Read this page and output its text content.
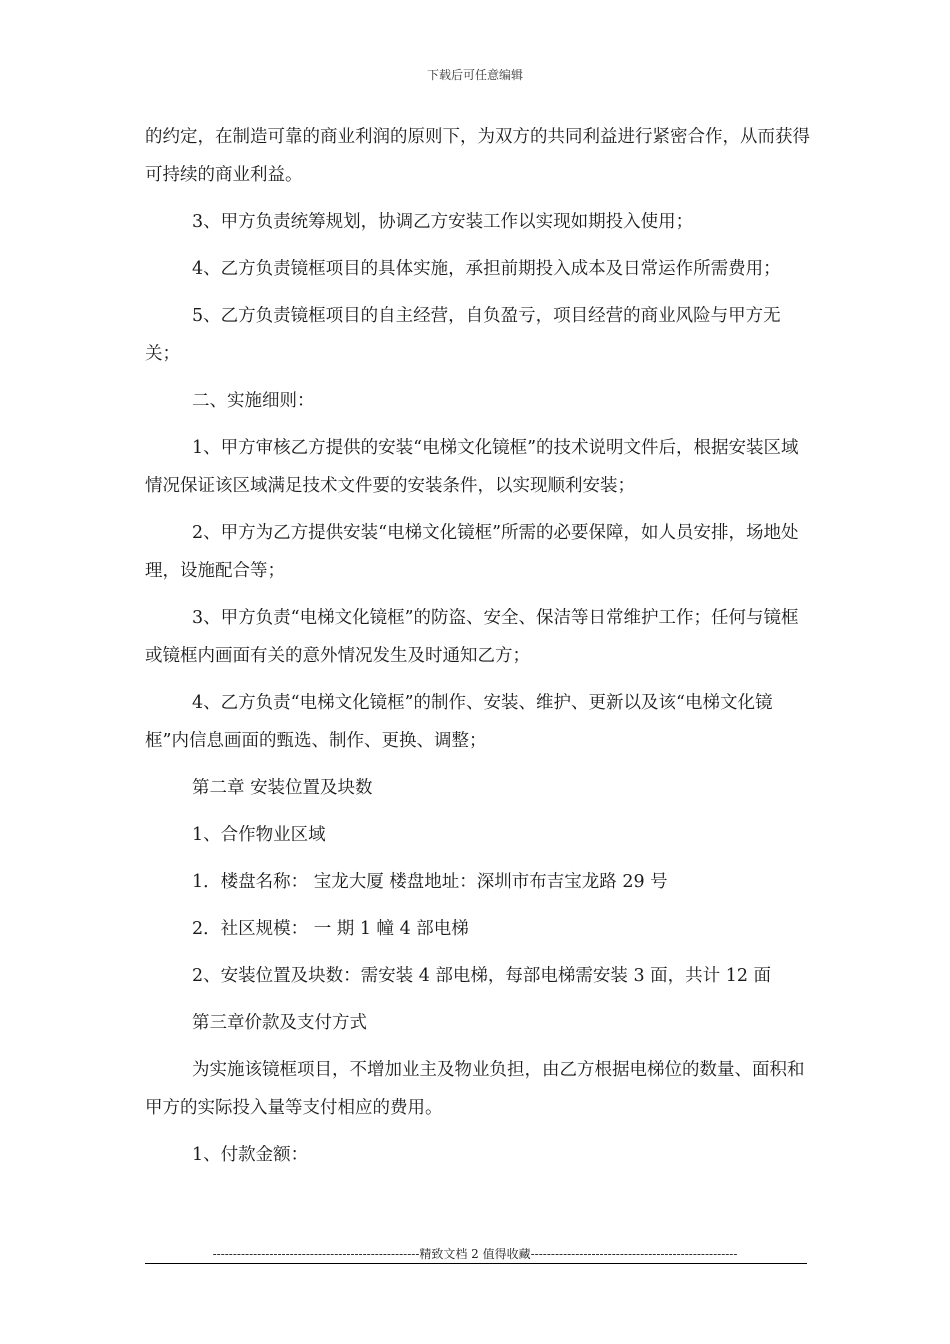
下载后可任意编辑

的约定，在制造可靠的商业利润的原则下，为双方的共同利益进行紧密合作，从而获得可持续的商业利益。

3、甲方负责统筹规划，协调乙方安装工作以实现如期投入使用；

4、乙方负责镜框项目的具体实施，承担前期投入成本及日常运作所需费用；

5、乙方负责镜框项目的自主经营，自负盈亏，项目经营的商业风险与甲方无关；

二、实施细则：

1、甲方审核乙方提供的安装“电梯文化镜框”的技术说明文件后，根据安装区域情况保证该区域满足技术文件要的安装条件，以实现顺利安装；

2、甲方为乙方提供安装“电梯文化镜框”所需的必要保障，如人员安排，场地处理，设施配合等；

3、甲方负责“电梯文化镜框”的防盗、安全、保洁等日常维护工作；任何与镜框或镜框内画面有关的意外情况发生及时通知乙方；

4、乙方负责“电梯文化镜框”的制作、安装、维护、更新以及该“电梯文化镜框”内信息画面的甄选、制作、更换、调整；

第二章 安装位置及块数

1、合作物业区域

1．楼盘名称： 宝龙大厦 楼盘地址：深圳市布吉宝龙路 29 号

2．社区规模： 一 期 1 幢 4 部电梯

2、安装位置及块数：需安装 4 部电梯，每部电梯需安装 3 面，共计 12 面

第三章价款及支付方式

为实施该镜框项目，不增加业主及物业负担，由乙方根据电梯位的数量、面积和甲方的实际投入量等支付相应的费用。

1、付款金额：

---------------------------------------------------精致文档 2 值得收藏---------------------------------------------------
